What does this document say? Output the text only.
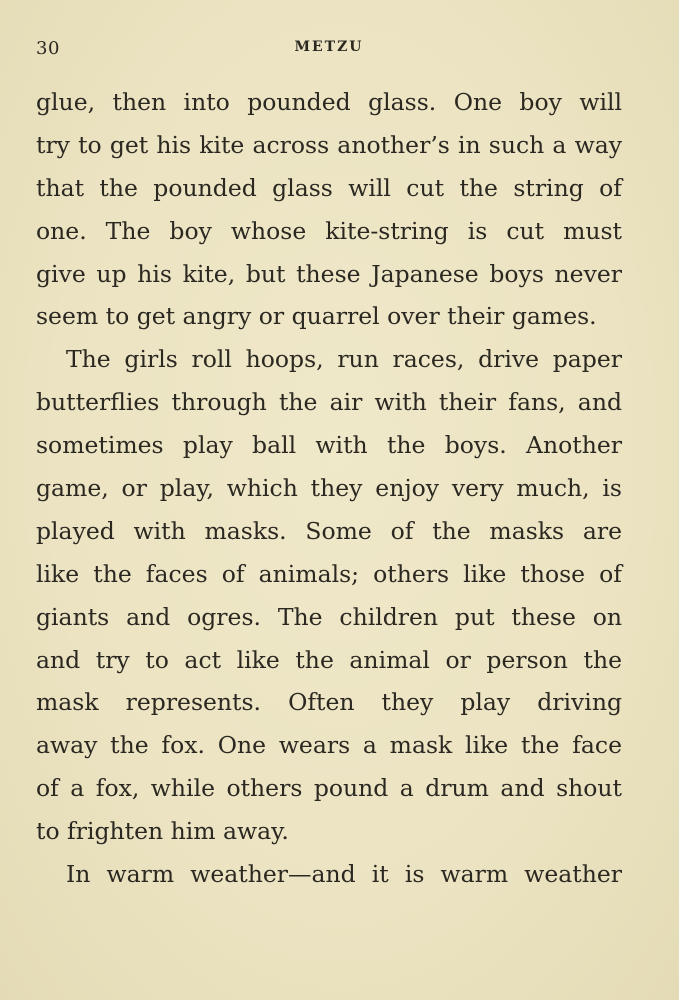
30	METZU

glue, then into pounded glass. One boy will
try to get his kite across another’s in such a way
that the pounded glass will cut the string of
one. The boy whose kite-string is cut must
give up his kite, but these Japanese boys never
seem to get angry or quarrel over their games.

The girls roll hoops, run races, drive paper
butterflies through the air with their fans, and
sometimes play ball with the boys. Another
game, or play, which they enjoy very much, is
played with masks. Some of the masks are
like the faces of animals; others like those of
giants and ogres. The children put these on
and try to act like the animal or person the
mask represents. Often they play driving
away the fox. One wears a mask like the face
of a fox, while others pound a drum and shout
to frighten him away.

In warm weather—and it is warm weather
